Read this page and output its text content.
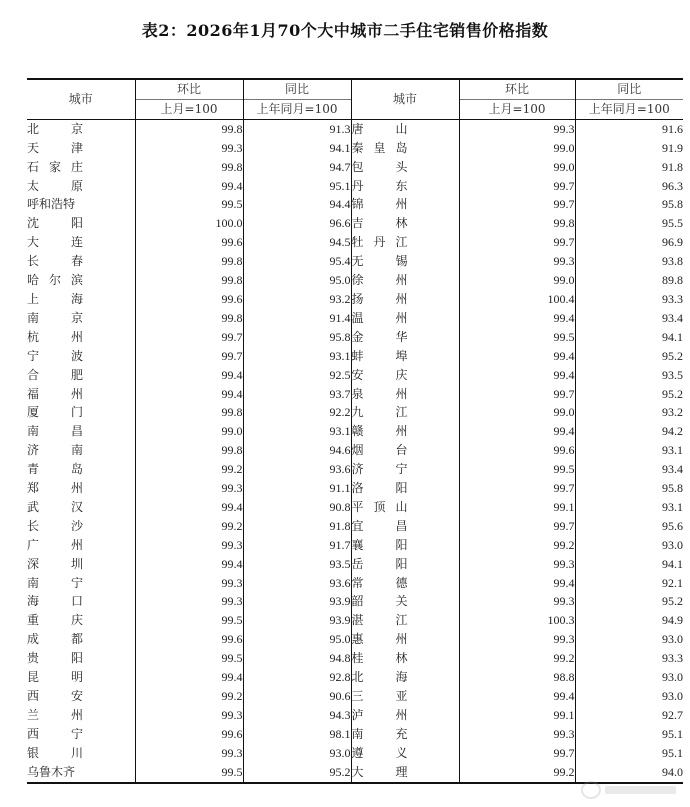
表2：2026年1月70个大中城市二手住宅销售价格指数
城市	环比	同比	城市	环比	同比
	上月=100	上年同月=100		上月=100	上年同月=100
北京	99.8	91.3	唐山	99.3	91.6
天津	99.3	94.1	秦皇岛	99.0	91.9
石家庄	99.8	94.7	包头	99.0	91.8
太原	99.4	95.1	丹东	99.7	96.3
呼和浩特	99.5	94.4	锦州	99.7	95.8
沈阳	100.0	96.6	吉林	99.8	95.5
大连	99.6	94.5	牡丹江	99.7	96.9
长春	99.8	95.4	无锡	99.3	93.8
哈尔滨	99.8	95.0	徐州	99.0	89.8
上海	99.6	93.2	扬州	100.4	93.3
南京	99.8	91.4	温州	99.4	93.4
杭州	99.7	95.8	金华	99.5	94.1
宁波	99.7	93.1	蚌埠	99.4	95.2
合肥	99.4	92.5	安庆	99.4	93.5
福州	99.4	93.7	泉州	99.7	95.2
厦门	99.8	92.2	九江	99.0	93.2
南昌	99.0	93.1	赣州	99.4	94.2
济南	99.8	94.6	烟台	99.6	93.1
青岛	99.2	93.6	济宁	99.5	93.4
郑州	99.3	91.1	洛阳	99.7	95.8
武汉	99.4	90.8	平顶山	99.1	93.1
长沙	99.2	91.8	宜昌	99.7	95.6
广州	99.3	91.7	襄阳	99.2	93.0
深圳	99.4	93.5	岳阳	99.3	94.1
南宁	99.3	93.6	常德	99.4	92.1
海口	99.3	93.9	韶关	99.3	95.2
重庆	99.5	93.9	湛江	100.3	94.9
成都	99.6	95.0	惠州	99.3	93.0
贵阳	99.5	94.8	桂林	99.2	93.3
昆明	99.4	92.8	北海	98.8	93.0
西安	99.2	90.6	三亚	99.4	93.0
兰州	99.3	94.3	泸州	99.1	92.7
西宁	99.6	98.1	南充	99.3	95.1
银川	99.3	93.0	遵义	99.7	95.1
乌鲁木齐	99.5	95.2	大理	99.2	94.0
